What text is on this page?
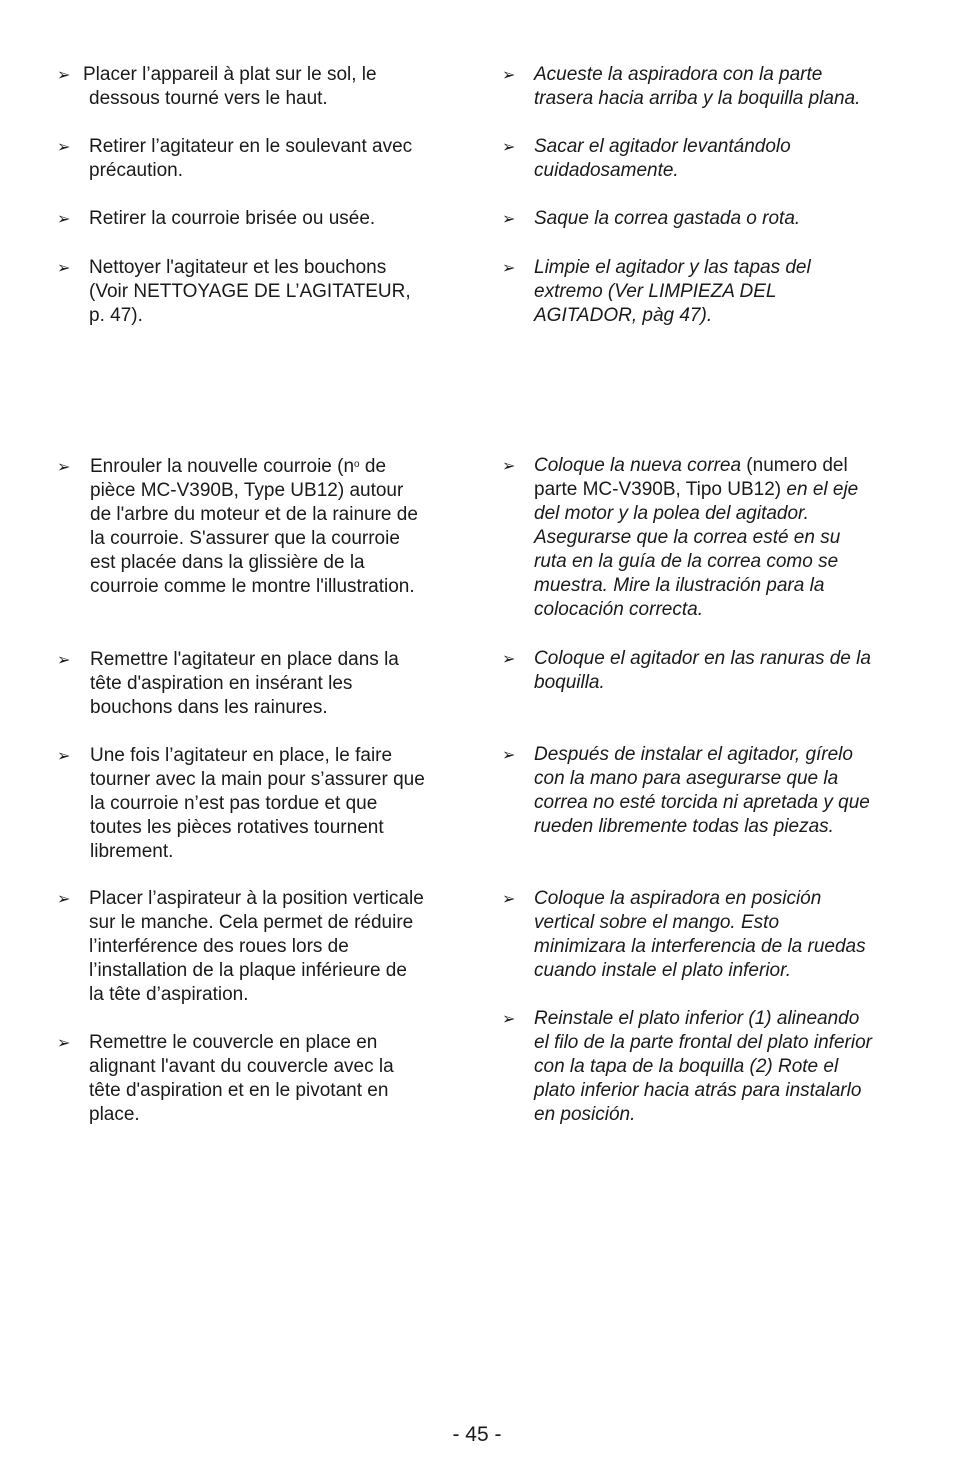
➢ Placer l’appareil à plat sur le sol, le
dessous tourné vers le haut.
➢ Retirer l’agitateur en le soulevant avec
précaution.
➢ Retirer la courroie brisée ou usée.
➢ Nettoyer l'agitateur et les bouchons
(Voir NETTOYAGE DE L’AGITATEUR,
p. 47).
➢ Enrouler la nouvelle courroie ($n^o$ de
pièce MC-V390B, Type UB12) autour
de l'arbre du moteur et de la rainure de
la courroie. S'assurer que la courroie
est placée dans la glissière de la
courroie comme le montre l'illustration.
➢ Remettre l'agitateur en place dans la
tête d'aspiration en insérant les
bouchons dans les rainures.
➢ Une fois l’agitateur en place, le faire
tourner avec la main pour s’assurer que
la courroie n’est pas tordue et que
toutes les pièces rotatives tournent
librement.
➢ Placer l’aspirateur à la position verticale
sur le manche. Cela permet de réduire
l’interférence des roues lors de
l’installation de la plaque inférieure de
la tête d’aspiration.
➢ Remettre le couvercle en place en
alignant l'avant du couvercle avec la
tête d'aspiration et en le pivotant en
place.
➢ Acueste la aspiradora con la parte
trasera hacia arriba y la boquilla plana.
➢ Sacar el agitador levantándolo
cuidadosamente.
➢ Saque la correa gastada o rota.
➢ Limpie el agitador y las tapas del
extremo (Ver LIMPIEZA DEL
AGITADOR, pàg 47).
➢ Coloque la nueva correa (numero del
parte MC-V390B, Tipo UB12) en el eje
del motor y la polea del agitador.
Asegurarse que la correa esté en su
ruta en la guía de la correa como se
muestra. Mire la ilustración para la
colocación correcta.
➢ Coloque el agitador en las ranuras de la
boquilla.
➢ Después de instalar el agitador, gírelo
con la mano para asegurarse que la
correa no esté torcida ni apretada y que
rueden libremente todas las piezas.
➢ Coloque la aspiradora en posición
vertical sobre el mango. Esto
minimizara la interferencia de la ruedas
cuando instale el plato inferior.
➢ Reinstale el plato inferior (1) alineando
el filo de la parte frontal del plato inferior
con la tapa de la boquilla (2) Rote el
plato inferior hacia atrás para instalarlo
en posición.
- 45 -
